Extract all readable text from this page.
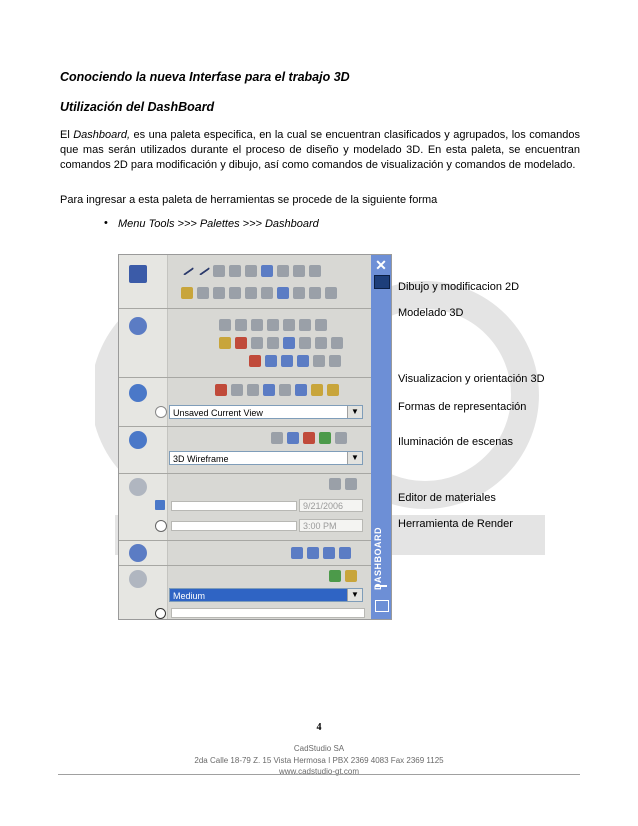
Conociendo la nueva Interfase para el trabajo 3D
Utilización del DashBoard
El Dashboard, es una paleta especifica, en la cual se encuentran clasificados y agrupados, los comandos que mas serán utilizados durante el proceso de diseño y modelado 3D. En esta paleta, se encuentran comandos 2D para modificación y dibujo, así como comandos de visualización y comandos de modelado.
Para ingresar a esta paleta de herramientas se procede de la siguiente forma
• Menu Tools >>> Palettes >>> Dashboard
Unsaved Current View	▼
3D Wireframe	▼
9/21/2006
3:00 PM
Medium	▼
✕
DASHBOARD
Dibujo y modificacion 2D
Modelado 3D
Visualizacion y orientación 3D
Formas de representación
Iluminación de escenas
Editor de materiales
Herramienta de Render
4
CadStudio SA
2da Calle 18-79 Z. 15 Vista Hermosa I PBX 2369 4083 Fax 2369 1125
www.cadstudio-gt.com
